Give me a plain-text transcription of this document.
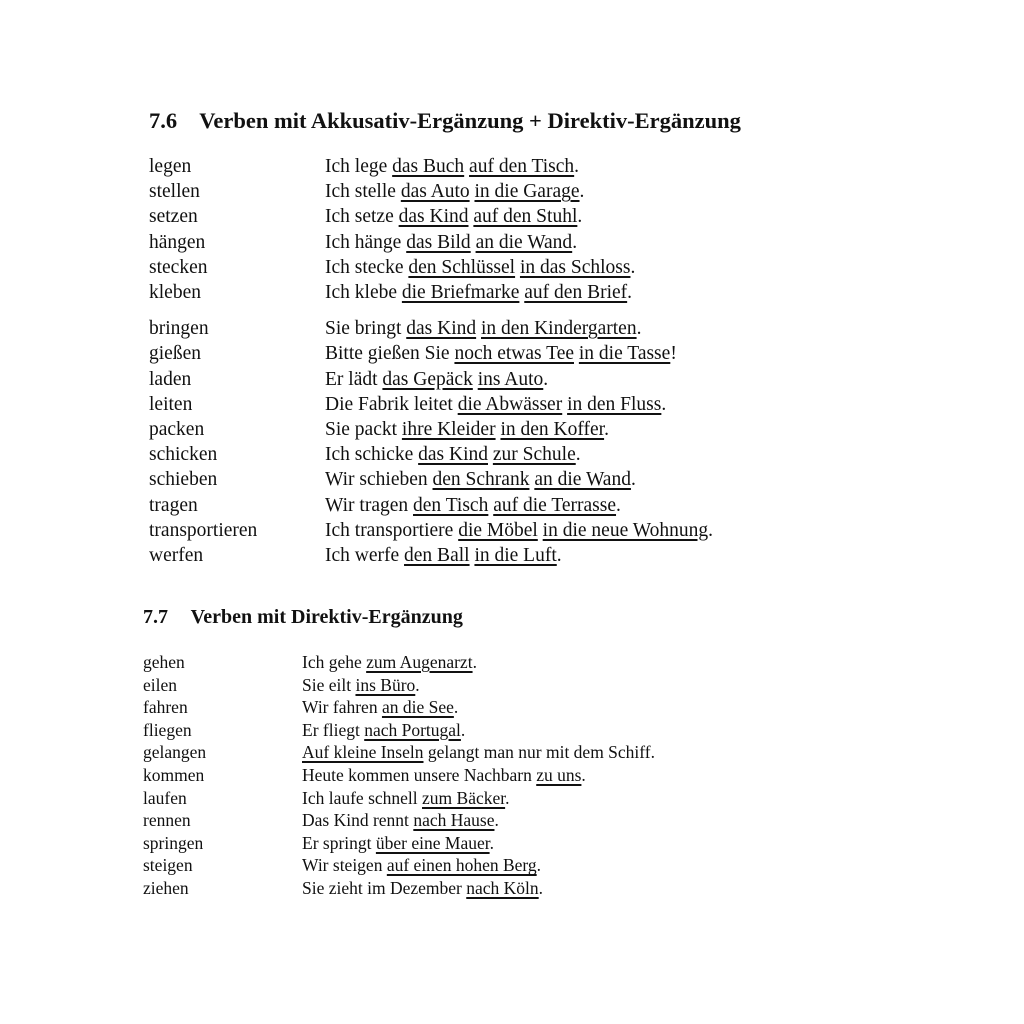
7.6 Verben mit Akkusativ-Ergänzung + Direktiv-Ergänzung
legen	Ich lege das Buch auf den Tisch.
stellen	Ich stelle das Auto in die Garage.
setzen	Ich setze das Kind auf den Stuhl.
hängen	Ich hänge das Bild an die Wand.
stecken	Ich stecke den Schlüssel in das Schloss.
kleben	Ich klebe die Briefmarke auf den Brief.
bringen	Sie bringt das Kind in den Kindergarten.
gießen	Bitte gießen Sie noch etwas Tee in die Tasse!
laden	Er lädt das Gepäck ins Auto.
leiten	Die Fabrik leitet die Abwässer in den Fluss.
packen	Sie packt ihre Kleider in den Koffer.
schicken	Ich schicke das Kind zur Schule.
schieben	Wir schieben den Schrank an die Wand.
tragen	Wir tragen den Tisch auf die Terrasse.
transportieren	Ich transportiere die Möbel in die neue Wohnung.
werfen	Ich werfe den Ball in die Luft.
7.7 Verben mit Direktiv-Ergänzung
gehen	Ich gehe zum Augenarzt.
eilen	Sie eilt ins Büro.
fahren	Wir fahren an die See.
fliegen	Er fliegt nach Portugal.
gelangen	Auf kleine Inseln gelangt man nur mit dem Schiff.
kommen	Heute kommen unsere Nachbarn zu uns.
laufen	Ich laufe schnell zum Bäcker.
rennen	Das Kind rennt nach Hause.
springen	Er springt über eine Mauer.
steigen	Wir steigen auf einen hohen Berg.
ziehen	Sie zieht im Dezember nach Köln.
